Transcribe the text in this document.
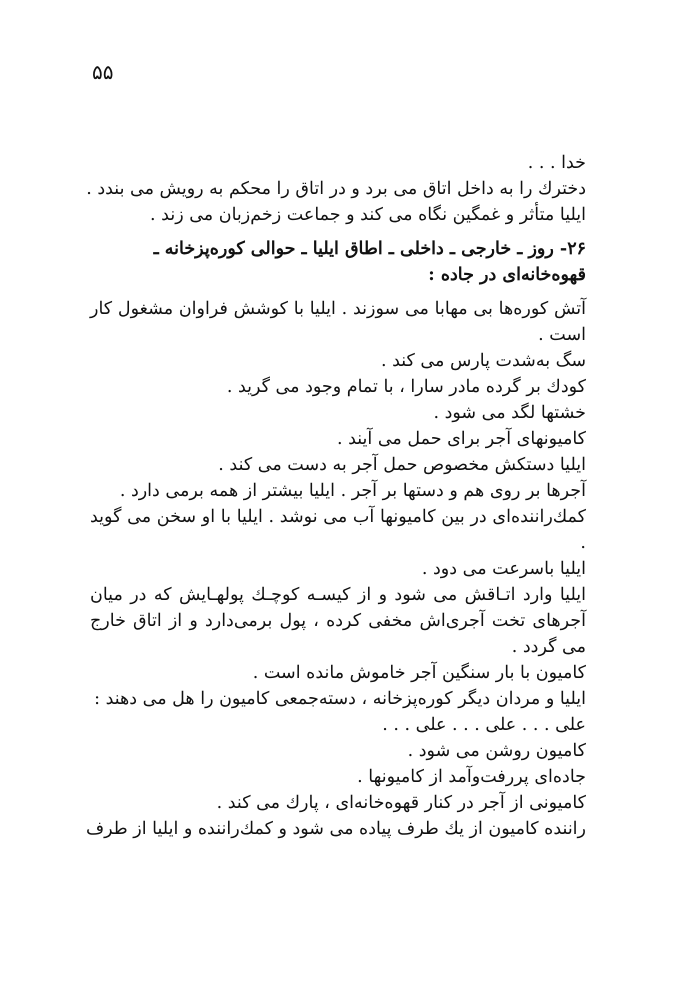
۵۵
خدا . . .
دخترك را به داخل اتاق مى برد و در اتاق را محكم به رويش مى بندد .
ايليا متأثر و غمگين نگاه مى كند و جماعت زخم‌زبان مى زند .
۲۶- روز ـ خارجى ـ داخلى ـ اطاق ايليا ـ حوالى كوره‌پزخانه ـ قهوه‌خانه‌اى در جاده :
آتش كوره‌ها بى مهابا مى سوزند . ايليا با كوشش فراوان مشغول كار است .
سگ به‌شدت پارس مى كند .
كودك بر گرده مادر سارا ، با تمام وجود مى گريد .
خشتها لگد مى شود .
كاميونهاى آجر براى حمل مى آيند .
ايليا دستكش مخصوص حمل آجر به دست مى كند .
آجرها بر روى هم و دستها بر آجر . ايليا بيشتر از همه برمى دارد .
كمك‌راننده‌اى در بين كاميونها آب مى نوشد . ايليا با او سخن مى گويد .
ايليا باسرعت مى دود .
ايليا وارد اتـاقش مى شود و از كيسـه كوچـك پولهـايش كه در ميان آجرهاى تخت آجرى‌اش مخفى كرده ، پول برمى‌دارد و از اتاق خارج مى گردد .
كاميون با بار سنگين آجر خاموش مانده است .
ايليا و مردان ديگر كوره‌پزخانه ، دسته‌جمعى كاميون را هل مى دهند :
على . . . على . . . على . . .
كاميون روشن مى شود .
جاده‌اى پررفت‌وآمد از كاميونها .
كاميونى از آجر در كنار قهوه‌خانه‌اى ، پارك مى كند .
راننده كاميون از يك طرف پياده مى شود و كمك‌راننده و ايليا از طرف
